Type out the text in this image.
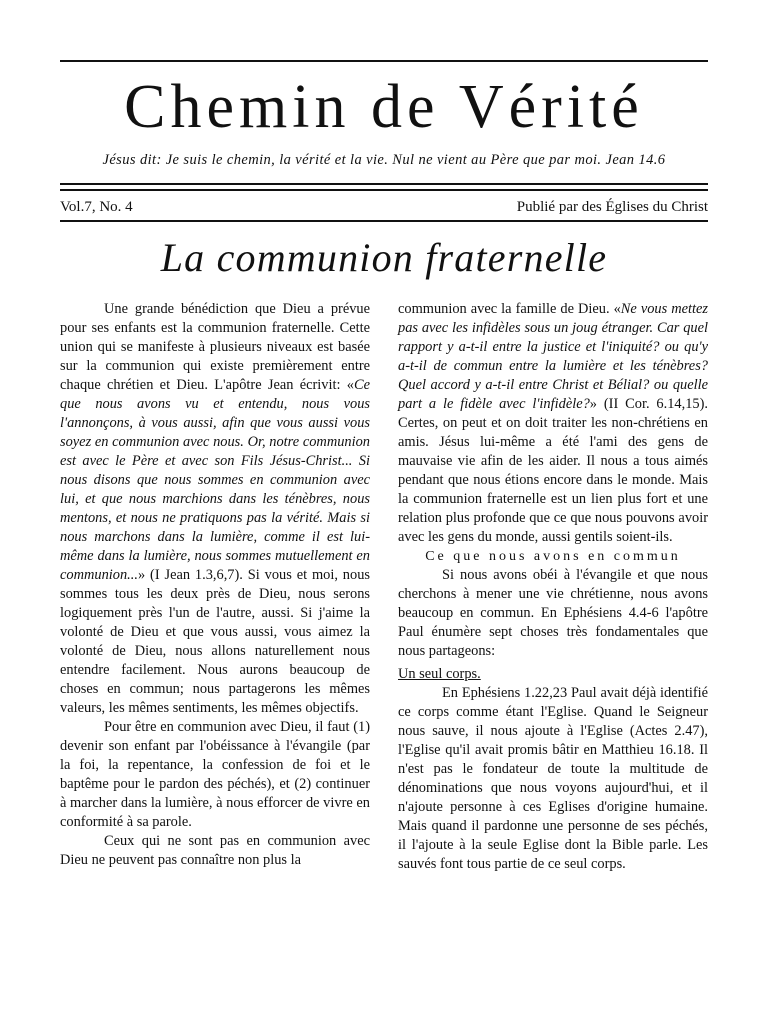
Chemin de Vérité
Jésus dit: Je suis le chemin, la vérité et la vie. Nul ne vient au Père que par moi. Jean 14.6
Vol.7, No. 4	Publié par des Églises du Christ
La communion fraternelle

Une grande bénédiction que Dieu a prévue pour ses enfants est la communion fraternelle. Cette union qui se manifeste à plusieurs niveaux est basée sur la communion qui existe premièrement entre chaque chrétien et Dieu. L'apôtre Jean écrivit: «Ce que nous avons vu et entendu, nous vous l'annonçons, à vous aussi, afin que vous aussi vous soyez en communion avec nous. Or, notre communion est avec le Père et avec son Fils Jésus-Christ... Si nous disons que nous sommes en communion avec lui, et que nous marchions dans les ténèbres, nous mentons, et nous ne pratiquons pas la vérité. Mais si nous marchons dans la lumière, comme il est lui-même dans la lumière, nous sommes mutuellement en communion...» (I Jean 1.3,6,7). Si vous et moi, nous sommes tous les deux près de Dieu, nous serons logiquement près l'un de l'autre, aussi. Si j'aime la volonté de Dieu et que vous aussi, vous aimez la volonté de Dieu, nous allons naturellement nous entendre facilement. Nous aurons beaucoup de choses en commun; nous partagerons les mêmes valeurs, les mêmes sentiments, les mêmes objectifs.

Pour être en communion avec Dieu, il faut (1) devenir son enfant par l'obéissance à l'évangile (par la foi, la repentance, la confession de foi et le baptême pour le pardon des péchés), et (2) continuer à marcher dans la lumière, à nous efforcer de vivre en conformité à sa parole.

Ceux qui ne sont pas en communion avec Dieu ne peuvent pas connaître non plus la

communion avec la famille de Dieu. «Ne vous mettez pas avec les infidèles sous un joug étranger. Car quel rapport y a-t-il entre la justice et l'iniquité? ou qu'y a-t-il de commun entre la lumière et les ténèbres? Quel accord y a-t-il entre Christ et Bélial? ou quelle part a le fidèle avec l'infidèle?» (II Cor. 6.14,15). Certes, on peut et on doit traiter les non-chrétiens en amis. Jésus lui-même a été l'ami des gens de mauvaise vie afin de les aider. Il nous a tous aimés pendant que nous étions encore dans le monde. Mais la communion fraternelle est un lien plus fort et une relation plus profonde que ce que nous pouvons avoir avec les gens du monde, aussi gentils soient-ils.

Ce que nous avons en commun

Si nous avons obéi à l'évangile et que nous cherchons à mener une vie chrétienne, nous avons beaucoup en commun. En Ephésiens 4.4-6 l'apôtre Paul énumère sept choses très fondamentales que nous partageons:

Un seul corps.

En Ephésiens 1.22,23 Paul avait déjà identifié ce corps comme étant l'Eglise. Quand le Seigneur nous sauve, il nous ajoute à l'Eglise (Actes 2.47), l'Eglise qu'il avait promis bâtir en Matthieu 16.18. Il n'est pas le fondateur de toute la multitude de dénominations que nous voyons aujourd'hui, et il n'ajoute personne à ces Eglises d'origine humaine. Mais quand il pardonne une personne de ses péchés, il l'ajoute à la seule Eglise dont la Bible parle. Les sauvés font tous partie de ce seul corps.
